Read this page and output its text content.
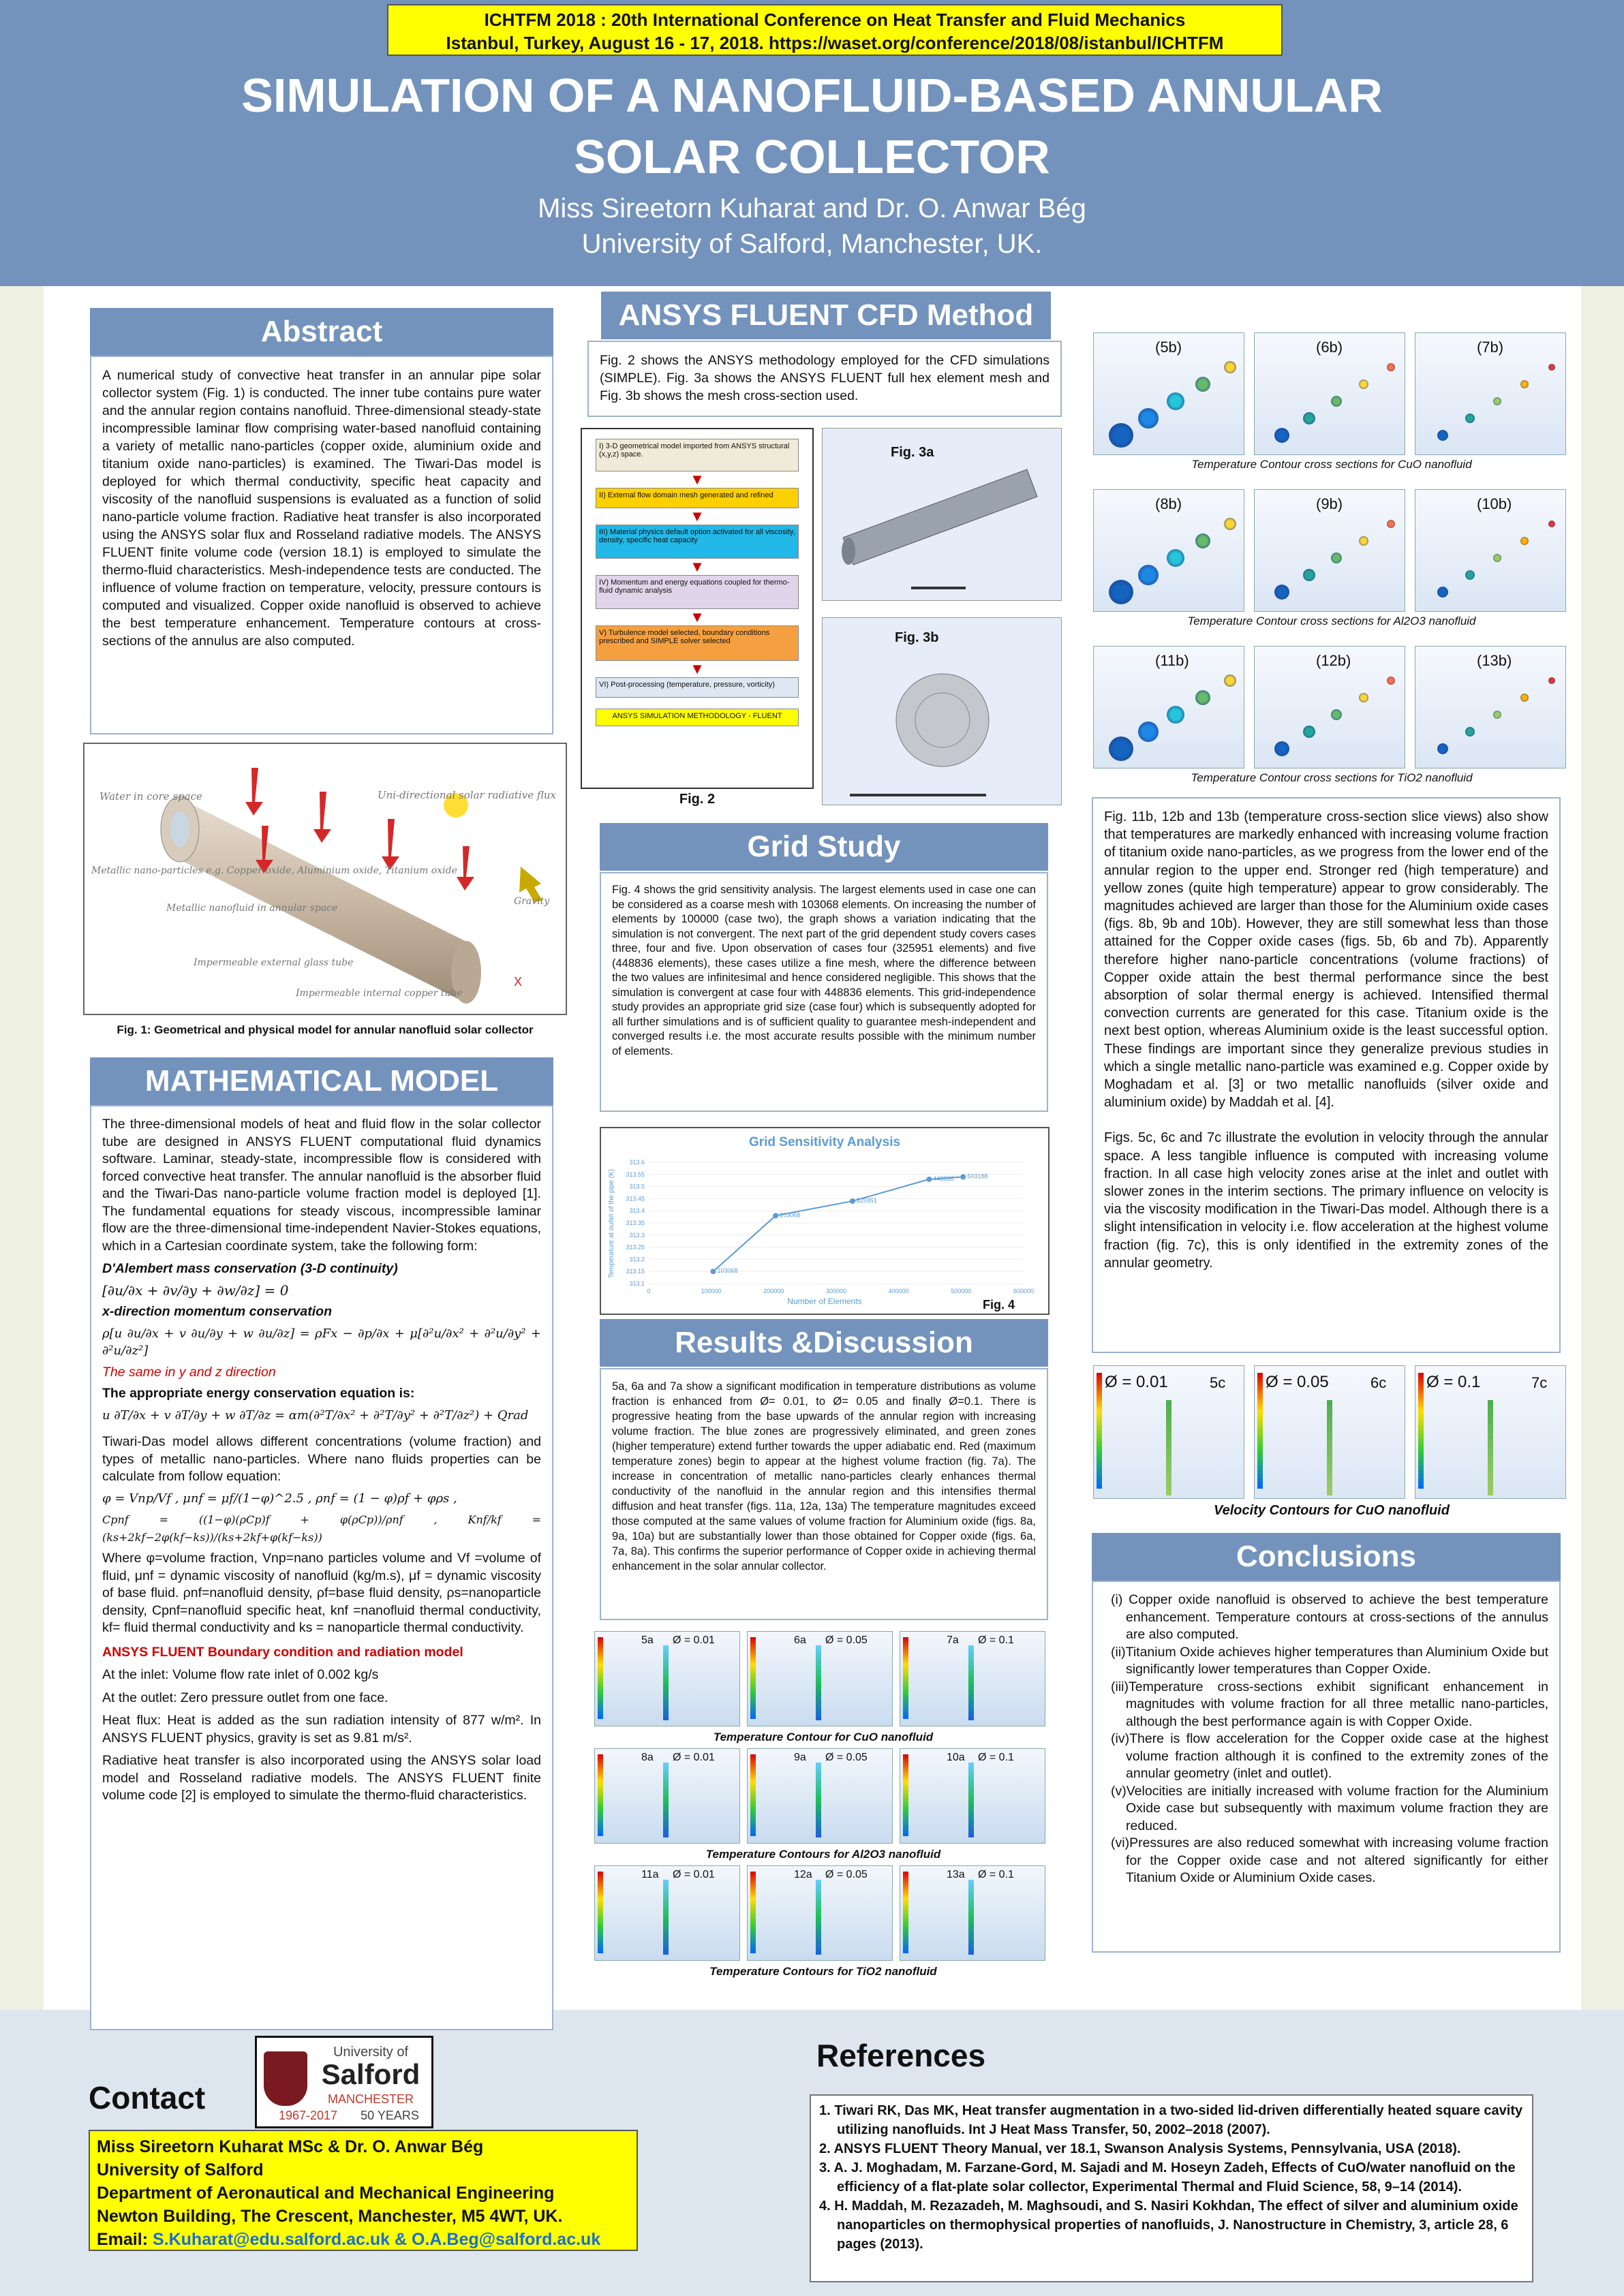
ICHTFM 2018 : 20th International Conference on Heat Transfer and Fluid Mechanics
Istanbul, Turkey, August 16 - 17, 2018. https://waset.org/conference/2018/08/istanbul/ICHTFM
SIMULATION OF A NANOFLUID-BASED ANNULAR
SOLAR COLLECTOR
Miss Sireetorn Kuharat and Dr. O. Anwar Bég
University of Salford, Manchester, UK.
Abstract
A numerical study of convective heat transfer in an annular pipe solar collector system (Fig. 1) is conducted. The inner tube contains pure water and the annular region contains nanofluid. Three-dimensional steady-state incompressible laminar flow comprising water-based nanofluid containing a variety of metallic nano-particles (copper oxide, aluminium oxide and titanium oxide nano-particles) is examined. The Tiwari-Das model is deployed for which thermal conductivity, specific heat capacity and viscosity of the nanofluid suspensions is evaluated as a function of solid nano-particle volume fraction. Radiative heat transfer is also incorporated using the ANSYS solar flux and Rosseland radiative models. The ANSYS FLUENT finite volume code (version 18.1) is employed to simulate the thermo-fluid characteristics. Mesh-independence tests are conducted. The influence of volume fraction on temperature, velocity, pressure contours is computed and visualized. Copper oxide nanofluid is observed to achieve the best temperature enhancement. Temperature contours at cross-sections of the annulus are also computed.
Water in core space	Uni-directional solar radiative flux
Metallic nano-particles e.g. Copper oxide, Aluminium oxide, Titanium oxide
Metallic nanofluid in annular space
Impermeable external glass tube
Impermeable internal copper tube
Gravity
X
Fig. 1: Geometrical and physical model for annular nanofluid solar collector
MATHEMATICAL MODEL
The three-dimensional models of heat and fluid flow in the solar collector tube are designed in ANSYS FLUENT computational fluid dynamics software. Laminar, steady-state, incompressible flow is considered with forced convective heat transfer. The annular nanofluid is the absorber fluid and the Tiwari-Das nano-particle volume fraction model is deployed [1]. The fundamental equations for steady viscous, incompressible laminar flow are the three-dimensional time-independent Navier-Stokes equations, which in a Cartesian coordinate system, take the following form:
D'Alembert mass conservation (3-D continuity)
[∂u/∂x + ∂v/∂y + ∂w/∂z] = 0
x-direction momentum conservation
ρ[u ∂u/∂x + v ∂u/∂y + w ∂u/∂z] = ρFx − ∂p/∂x + μ[∂²u/∂x² + ∂²u/∂y² + ∂²u/∂z²]
The same in y and z direction
The appropriate energy conservation equation is:
u ∂T/∂x + v ∂T/∂y + w ∂T/∂z = αm(∂²T/∂x² + ∂²T/∂y² + ∂²T/∂z²) + Qrad
Tiwari-Das model allows different concentrations (volume fraction) and types of metallic nano-particles. Where nano fluids properties can be calculate from follow equation:
φ = Vnp/Vf , μnf = μf/(1−φ)^2.5 , ρnf = (1 − φ)ρf + φρs ,
Cpnf = ((1−φ)(ρCp)f + φ(ρCp))/ρnf , Knf/kf = (ks+2kf−2φ(kf−ks))/(ks+2kf+φ(kf−ks))
Where φ=volume fraction, Vnp=nano particles volume and Vf =volume of fluid, μnf = dynamic viscosity of nanofluid (kg/m.s), μf = dynamic viscosity of base fluid. ρnf=nanofluid density, ρf=base fluid density, ρs=nanoparticle density, Cpnf=nanofluid specific heat, knf =nanofluid thermal conductivity, kf= fluid thermal conductivity and ks = nanoparticle thermal conductivity.
ANSYS FLUENT Boundary condition and radiation model
At the inlet: Volume flow rate inlet of 0.002 kg/s
At the outlet: Zero pressure outlet from one face.
Heat flux: Heat is added as the sun radiation intensity of 877 w/m². In ANSYS FLUENT physics, gravity is set as 9.81 m/s².
Radiative heat transfer is also incorporated using the ANSYS solar load model and Rosseland radiative models. The ANSYS FLUENT finite volume code [2] is employed to simulate the thermo-fluid characteristics.
ANSYS FLUENT CFD Method
Fig. 2 shows the ANSYS methodology employed for the CFD simulations (SIMPLE). Fig. 3a shows the ANSYS FLUENT full hex element mesh and Fig. 3b shows the mesh cross-section used.
I) 3-D geometrical model imported from ANSYS structural (x,y,z) space.
▼
II) External flow domain mesh generated and refined
▼
III) Material physics default option activated for all viscosity, density, specific heat capacity
▼
IV) Momentum and energy equations coupled for thermo-fluid dynamic analysis
▼
V) Turbulence model selected, boundary conditions prescribed and SIMPLE solver selected
▼
VI) Post-processing (temperature, pressure, vorticity)
ANSYS SIMULATION METHODOLOGY - FLUENT
Fig. 2
Fig. 3a
Fig. 3b
Grid Study
Fig. 4 shows the grid sensitivity analysis. The largest elements used in case one can be considered as a coarse mesh with 103068 elements. On increasing the number of elements by 100000 (case two), the graph shows a variation indicating that the simulation is not convergent. The next part of the grid dependent study covers cases three, four and five. Upon observation of cases four (325951 elements) and five (448836 elements), these cases utilize a fine mesh, where the difference between the two values are infinitesimal and hence considered negligible. This shows that the simulation is convergent at case four with 448836 elements. This grid-independence study provides an appropriate grid size (case four) which is subsequently adopted for all further simulations and is of sufficient quality to guarantee mesh-independent and converged results i.e. the most accurate results possible with the minimum number of elements.
Grid Sensitivity Analysis
Number of Elements
Temperature at outlet of the pipe (K)
Fig. 4
313.1
313.15
313.2
313.25
313.3
313.35
313.4
313.45
313.5
313.55
313.6
0	100000	200000	300000	400000	500000	600000
103068
203068
325951
448836 503188
Results &Discussion
5a, 6a and 7a show a significant modification in temperature distributions as volume fraction is enhanced from Ø= 0.01, to Ø= 0.05 and finally Ø=0.1. There is progressive heating from the base upwards of the annular region with increasing volume fraction. The blue zones are progressively eliminated, and green zones (higher temperature) extend further towards the upper adiabatic end. Red (maximum temperature zones) begin to appear at the highest volume fraction (fig. 7a). The increase in concentration of metallic nano-particles clearly enhances thermal conductivity of the nanofluid in the annular region and this intensifies thermal diffusion and heat transfer (figs. 11a, 12a, 13a) The temperature magnitudes exceed those computed at the same values of volume fraction for Aluminium oxide (figs. 8a, 9a, 10a) but are substantially lower than those obtained for Copper oxide (figs. 6a, 7a, 8a). This confirms the superior performance of Copper oxide in achieving thermal enhancement in the solar annular collector.
5a Ø = 0.01	6a Ø = 0.05	7a Ø = 0.1
Temperature Contour for CuO nanofluid
8a Ø = 0.01	9a Ø = 0.05	10a Ø = 0.1
Temperature Contours for Al2O3 nanofluid
11a Ø = 0.01	12a Ø = 0.05	13a Ø = 0.1
Temperature Contours for TiO2 nanofluid
(5b)	(6b)	(7b)
Temperature Contour cross sections for CuO nanofluid
(8b)	(9b)	(10b)
Temperature Contour cross sections for Al2O3 nanofluid
(11b)	(12b)	(13b)
Temperature Contour cross sections for TiO2 nanofluid
Fig. 11b, 12b and 13b (temperature cross-section slice views) also show that temperatures are markedly enhanced with increasing volume fraction of titanium oxide nano-particles, as we progress from the lower end of the annular region to the upper end. Stronger red (high temperature) and yellow zones (quite high temperature) appear to grow considerably. The magnitudes achieved are larger than those for the Aluminium oxide cases (figs. 8b, 9b and 10b). However, they are still somewhat less than those attained for the Copper oxide cases (figs. 5b, 6b and 7b). Apparently therefore higher nano-particle concentrations (volume fractions) of Copper oxide attain the best thermal performance since the best absorption of solar thermal energy is achieved. Intensified thermal convection currents are generated for this case. Titanium oxide is the next best option, whereas Aluminium oxide is the least successful option. These findings are important since they generalize previous studies in which a single metallic nano-particle was examined e.g. Copper oxide by Moghadam et al. [3] or two metallic nanofluids (silver oxide and aluminium oxide) by Maddah et al. [4].
Figs. 5c, 6c and 7c illustrate the evolution in velocity through the annular space. A less tangible influence is computed with increasing volume fraction. In all case high velocity zones arise at the inlet and outlet with slower zones in the interim sections. The primary influence on velocity is via the viscosity modification in the Tiwari-Das model. Although there is a slight intensification in velocity i.e. flow acceleration at the highest volume fraction (fig. 7c), this is only identified in the extremity zones of the annular geometry.
Ø = 0.01	5c Ø = 0.05	6c Ø = 0.1	7c
Velocity Contours for CuO nanofluid
Conclusions
(i) Copper oxide nanofluid is observed to achieve the best temperature enhancement. Temperature contours at cross-sections of the annulus are also computed.
(ii)Titanium Oxide achieves higher temperatures than Aluminium Oxide but significantly lower temperatures than Copper Oxide.
(iii)Temperature cross-sections exhibit significant enhancement in magnitudes with volume fraction for all three metallic nano-particles, although the best performance again is with Copper Oxide.
(iv)There is flow acceleration for the Copper oxide case at the highest volume fraction although it is confined to the extremity zones of the annular geometry (inlet and outlet).
(v)Velocities are initially increased with volume fraction for the Aluminium Oxide case but subsequently with maximum volume fraction they are reduced.
(vi)Pressures are also reduced somewhat with increasing volume fraction for the Copper oxide case and not altered significantly for either Titanium Oxide or Aluminium Oxide cases.
University of
Salford
MANCHESTER
1967-2017	50 YEARS
Contact
Miss Sireetorn Kuharat MSc & Dr. O. Anwar Bég
University of Salford
Department of Aeronautical and Mechanical Engineering
Newton Building, The Crescent, Manchester, M5 4WT, UK.
Email: S.Kuharat@edu.salford.ac.uk & O.A.Beg@salford.ac.uk
References
1. Tiwari RK, Das MK, Heat transfer augmentation in a two-sided lid-driven differentially heated square cavity utilizing nanofluids. Int J Heat Mass Transfer, 50, 2002–2018 (2007).
2. ANSYS FLUENT Theory Manual, ver 18.1, Swanson Analysis Systems, Pennsylvania, USA (2018).
3. A. J. Moghadam, M. Farzane-Gord, M. Sajadi and M. Hoseyn Zadeh, Effects of CuO/water nanofluid on the efficiency of a flat-plate solar collector, Experimental Thermal and Fluid Science, 58, 9–14 (2014).
4. H. Maddah, M. Rezazadeh, M. Maghsoudi, and S. Nasiri Kokhdan, The effect of silver and aluminium oxide nanoparticles on thermophysical properties of nanofluids, J. Nanostructure in Chemistry, 3, article 28, 6 pages (2013).
